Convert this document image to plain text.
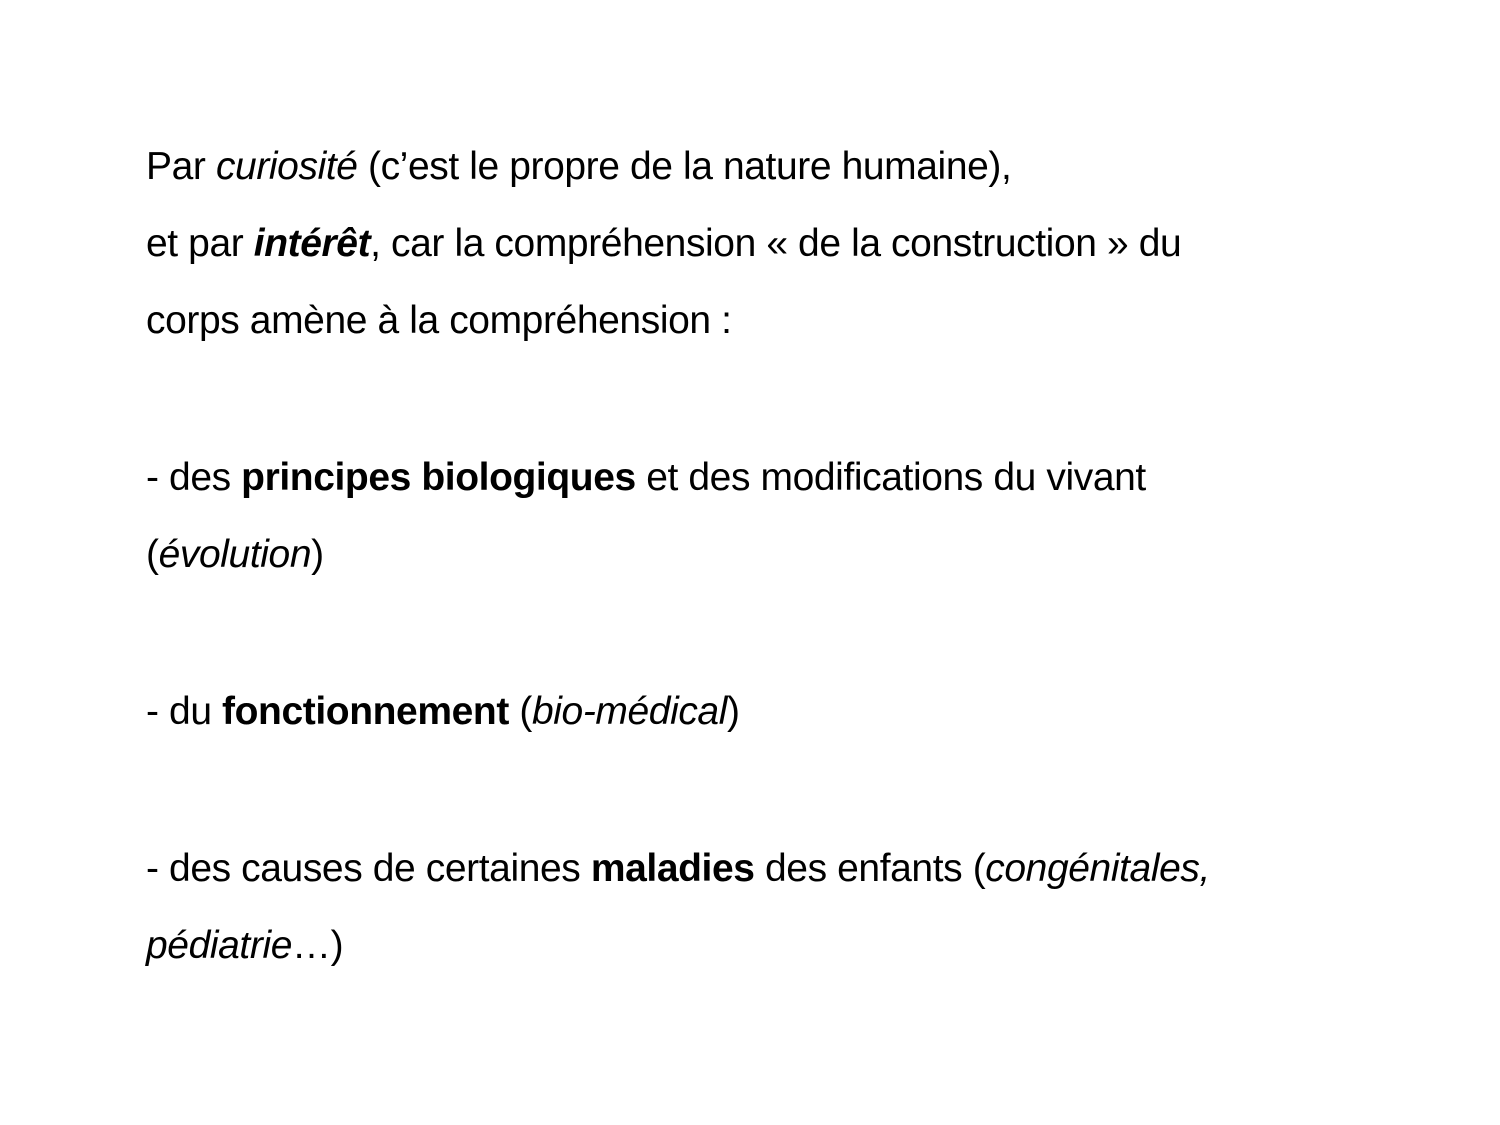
Par curiosité (c’est le propre de la nature humaine),

et par intérêt, car la compréhension « de la construction » du

corps amène à la compréhension :

- des principes biologiques et des modifications du vivant

(évolution)

- du fonctionnement (bio-médical)

- des causes de certaines maladies des enfants (congénitales,

pédiatrie…)
